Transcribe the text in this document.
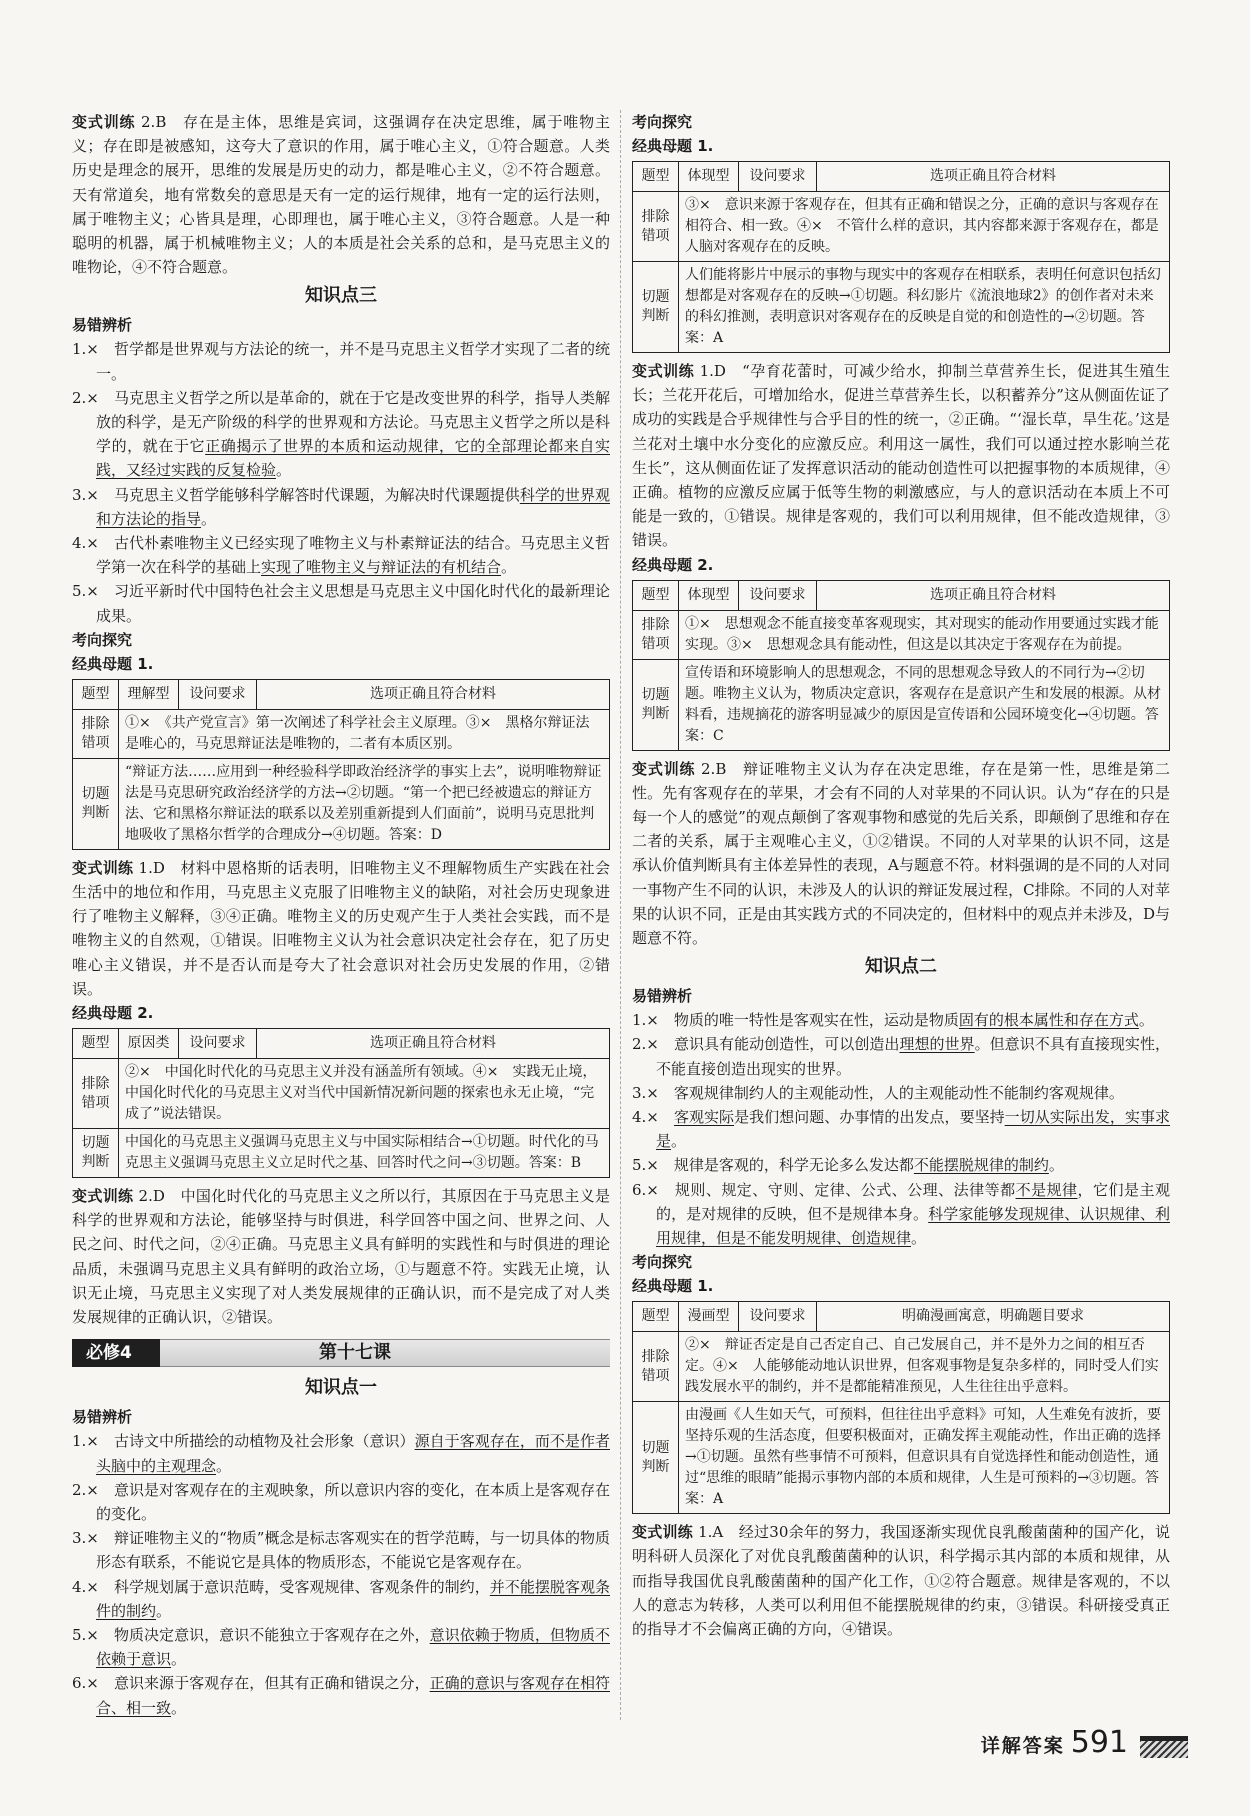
变式训练 2.B　存在是主体，思维是宾词，这强调存在决定思维，属于唯物主义；存在即是被感知，这夸大了意识的作用，属于唯心主义，①符合题意。人类历史是理念的展开，思维的发展是历史的动力，都是唯心主义，②不符合题意。天有常道矣，地有常数矣的意思是天有一定的运行规律，地有一定的运行法则，属于唯物主义；心皆具是理，心即理也，属于唯心主义，③符合题意。人是一种聪明的机器，属于机械唯物主义；人的本质是社会关系的总和，是马克思主义的唯物论，④不符合题意。

知识点三
易错辨析

1.×　哲学都是世界观与方法论的统一，并不是马克思主义哲学才实现了二者的统一。

2.×　马克思主义哲学之所以是革命的，就在于它是改变世界的科学，指导人类解放的科学，是无产阶级的科学的世界观和方法论。马克思主义哲学之所以是科学的，就在于它正确揭示了世界的本质和运动规律，它的全部理论都来自实践，又经过实践的反复检验。

3.×　马克思主义哲学能够科学解答时代课题，为解决时代课题提供科学的世界观和方法论的指导。

4.×　古代朴素唯物主义已经实现了唯物主义与朴素辩证法的结合。马克思主义哲学第一次在科学的基础上实现了唯物主义与辩证法的有机结合。

5.×　习近平新时代中国特色社会主义思想是马克思主义中国化时代化的最新理论成果。

考向探究
经典母题 1.
题型	理解型	设问要求	选项正确且符合材料
排除错项	①×　《共产党宣言》第一次阐述了科学社会主义原理。③×　黑格尔辩证法是唯心的，马克思辩证法是唯物的，二者有本质区别。		
切题判断	“辩证方法……应用到一种经验科学即政治经济学的事实上去”，说明唯物辩证法是马克思研究政治经济学的方法→②切题。“第一个把已经被遗忘的辩证方法、它和黑格尔辩证法的联系以及差别重新提到人们面前”，说明马克思批判地吸收了黑格尔哲学的合理成分→④切题。答案：D		

变式训练 1.D　材料中恩格斯的话表明，旧唯物主义不理解物质生产实践在社会生活中的地位和作用，马克思主义克服了旧唯物主义的缺陷，对社会历史现象进行了唯物主义解释，③④正确。唯物主义的历史观产生于人类社会实践，而不是唯物主义的自然观，①错误。旧唯物主义认为社会意识决定社会存在，犯了历史唯心主义错误，并不是否认而是夸大了社会意识对社会历史发展的作用，②错误。

经典母题 2.
题型	原因类	设问要求	选项正确且符合材料
排除错项	②×　中国化时代化的马克思主义并没有涵盖所有领域。④×　实践无止境，中国化时代化的马克思主义对当代中国新情况新问题的探索也永无止境，“完成了”说法错误。		
切题判断	中国化的马克思主义强调马克思主义与中国实际相结合→①切题。时代化的马克思主义强调马克思主义立足时代之基、回答时代之问→③切题。答案：B		

变式训练 2.D　中国化时代化的马克思主义之所以行，其原因在于马克思主义是科学的世界观和方法论，能够坚持与时俱进，科学回答中国之问、世界之问、人民之问、时代之问，②④正确。马克思主义具有鲜明的实践性和与时俱进的理论品质，未强调马克思主义具有鲜明的政治立场，①与题意不符。实践无止境，认识无止境，马克思主义实现了对人类发展规律的正确认识，而不是完成了对人类发展规律的正确认识，②错误。

必修4	第十七课
知识点一
易错辨析

1.×　古诗文中所描绘的动植物及社会形象（意识）源自于客观存在，而不是作者头脑中的主观理念。

2.×　意识是对客观存在的主观映象，所以意识内容的变化，在本质上是客观存在的变化。

3.×　辩证唯物主义的“物质”概念是标志客观实在的哲学范畴，与一切具体的物质形态有联系，不能说它是具体的物质形态，不能说它是客观存在。

4.×　科学规划属于意识范畴，受客观规律、客观条件的制约，并不能摆脱客观条件的制约。

5.×　物质决定意识，意识不能独立于客观存在之外，意识依赖于物质，但物质不依赖于意识。

6.×　意识来源于客观存在，但其有正确和错误之分，正确的意识与客观存在相符合、相一致。

考向探究
经典母题 1.
题型	体现型	设问要求	选项正确且符合材料
排除错项	③×　意识来源于客观存在，但其有正确和错误之分，正确的意识与客观存在相符合、相一致。④×　不管什么样的意识，其内容都来源于客观存在，都是人脑对客观存在的反映。		
切题判断	人们能将影片中展示的事物与现实中的客观存在相联系，表明任何意识包括幻想都是对客观存在的反映→①切题。科幻影片《流浪地球2》的创作者对未来的科幻推测，表明意识对客观存在的反映是自觉的和创造性的→②切题。答案：A		

变式训练 1.D　“孕育花蕾时，可减少给水，抑制兰草营养生长，促进其生殖生长；兰花开花后，可增加给水，促进兰草营养生长，以积蓄养分”这从侧面佐证了成功的实践是合乎规律性与合乎目的性的统一，②正确。“‘湿长草，旱生花。’这是兰花对土壤中水分变化的应激反应。利用这一属性，我们可以通过控水影响兰花生长”，这从侧面佐证了发挥意识活动的能动创造性可以把握事物的本质规律，④正确。植物的应激反应属于低等生物的刺激感应，与人的意识活动在本质上不可能是一致的，①错误。规律是客观的，我们可以利用规律，但不能改造规律，③错误。

经典母题 2.
题型	体现型	设问要求	选项正确且符合材料
排除错项	①×　思想观念不能直接变革客观现实，其对现实的能动作用要通过实践才能实现。③×　思想观念具有能动性，但这是以其决定于客观存在为前提。		
切题判断	宣传语和环境影响人的思想观念，不同的思想观念导致人的不同行为→②切题。唯物主义认为，物质决定意识，客观存在是意识产生和发展的根源。从材料看，违规摘花的游客明显减少的原因是宣传语和公园环境变化→④切题。答案：C		

变式训练 2.B　辩证唯物主义认为存在决定思维，存在是第一性，思维是第二性。先有客观存在的苹果，才会有不同的人对苹果的不同认识。认为“存在的只是每一个人的感觉”的观点颠倒了客观事物和感觉的先后关系，即颠倒了思维和存在二者的关系，属于主观唯心主义，①②错误。不同的人对苹果的认识不同，这是承认价值判断具有主体差异性的表现，A与题意不符。材料强调的是不同的人对同一事物产生不同的认识，未涉及人的认识的辩证发展过程，C排除。不同的人对苹果的认识不同，正是由其实践方式的不同决定的，但材料中的观点并未涉及，D与题意不符。

知识点二
易错辨析

1.×　物质的唯一特性是客观实在性，运动是物质固有的根本属性和存在方式。

2.×　意识具有能动创造性，可以创造出理想的世界。但意识不具有直接现实性，不能直接创造出现实的世界。

3.×　客观规律制约人的主观能动性，人的主观能动性不能制约客观规律。

4.×　客观实际是我们想问题、办事情的出发点，要坚持一切从实际出发，实事求是。

5.×　规律是客观的，科学无论多么发达都不能摆脱规律的制约。

6.×　规则、规定、守则、定律、公式、公理、法律等都不是规律，它们是主观的，是对规律的反映，但不是规律本身。科学家能够发现规律、认识规律、利用规律，但是不能发明规律、创造规律。

考向探究
经典母题 1.
题型	漫画型	设问要求	明确漫画寓意，明确题目要求
排除错项	②×　辩证否定是自己否定自己、自己发展自己，并不是外力之间的相互否定。④×　人能够能动地认识世界，但客观事物是复杂多样的，同时受人们实践发展水平的制约，并不是都能精准预见，人生往往出乎意料。		
切题判断	由漫画《人生如天气，可预料，但往往出乎意料》可知，人生难免有波折，要坚持乐观的生活态度，但要积极面对，正确发挥主观能动性，作出正确的选择→①切题。虽然有些事情不可预料，但意识具有自觉选择性和能动创造性，通过“思维的眼睛”能揭示事物内部的本质和规律，人生是可预料的→③切题。答案：A		

变式训练 1.A　经过30余年的努力，我国逐渐实现优良乳酸菌菌种的国产化，说明科研人员深化了对优良乳酸菌菌种的认识，科学揭示其内部的本质和规律，从而指导我国优良乳酸菌菌种的国产化工作，①②符合题意。规律是客观的，不以人的意志为转移，人类可以利用但不能摆脱规律的约束，③错误。科研接受真正的指导才不会偏离正确的方向，④错误。

详解答案 591
